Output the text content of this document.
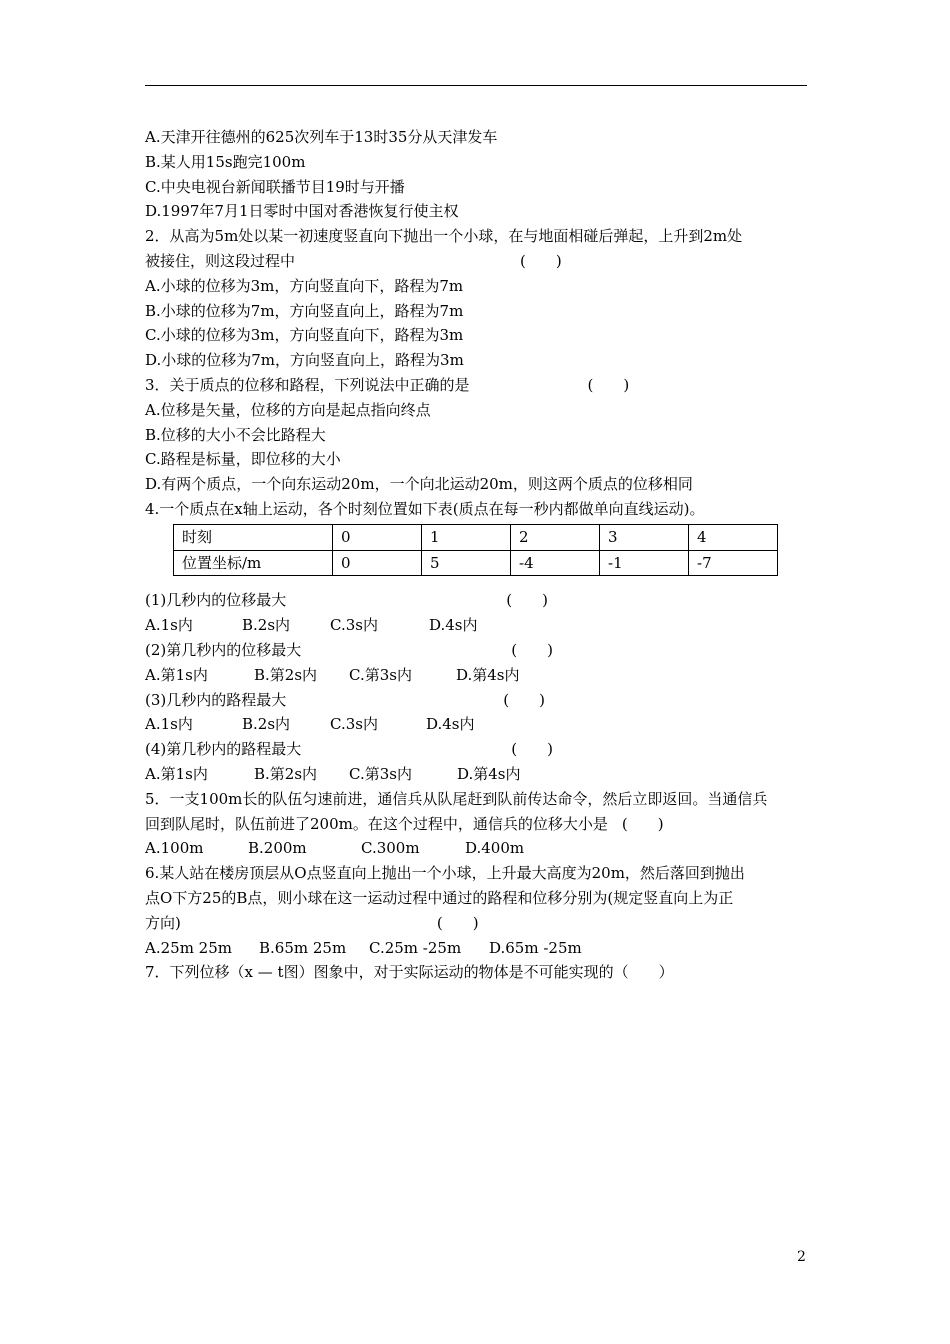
A.天津开往德州的625次列车于13时35分从天津发车
B.某人用15s跑完100m
C.中央电视台新闻联播节目19时与开播
D.1997年7月1日零时中国对香港恢复行使主权
2．从高为5m处以某一初速度竖直向下抛出一个小球，在与地面相碰后弹起，上升到2m处
被接住，则这段过程中	(　　)
A.小球的位移为3m，方向竖直向下，路程为7m
B.小球的位移为7m，方向竖直向上，路程为7m
C.小球的位移为3m，方向竖直向下，路程为3m
D.小球的位移为7m，方向竖直向上，路程为3m
3．关于质点的位移和路程，下列说法中正确的是	(　　)
A.位移是矢量，位移的方向是起点指向终点
B.位移的大小不会比路程大
C.路程是标量，即位移的大小
D.有两个质点，一个向东运动20m，一个向北运动20m，则这两个质点的位移相同
4.一个质点在x轴上运动，各个时刻位置如下表(质点在每一秒内都做单向直线运动)。
时刻	0	1	2	3	4
位置坐标/m	0	5	-4	-1	-7
(1)几秒内的位移最大	(　　)
A.1s内	B.2s内	C.3s内	D.4s内
(2)第几秒内的位移最大	(　　)
A.第1s内	B.第2s内	C.第3s内	D.第4s内
(3)几秒内的路程最大	(　　)
A.1s内	B.2s内	C.3s内	D.4s内
(4)第几秒内的路程最大	(　　)
A.第1s内	B.第2s内	C.第3s内	D.第4s内
5．一支100m长的队伍匀速前进，通信兵从队尾赶到队前传达命令，然后立即返回。当通信兵
回到队尾时，队伍前进了200m。在这个过程中，通信兵的位移大小是 (　　)
A.100m	B.200m	C.300m	D.400m
6.某人站在楼房顶层从O点竖直向上抛出一个小球，上升最大高度为20m，然后落回到抛出
点O下方25的B点，则小球在这一运动过程中通过的路程和位移分别为(规定竖直向上为正
方向)	(　　)
A.25m 25m	B.65m 25m	C.25m -25m	D.65m -25m
7．下列位移（x — t图）图象中，对于实际运动的物体是不可能实现的（　　）
2
